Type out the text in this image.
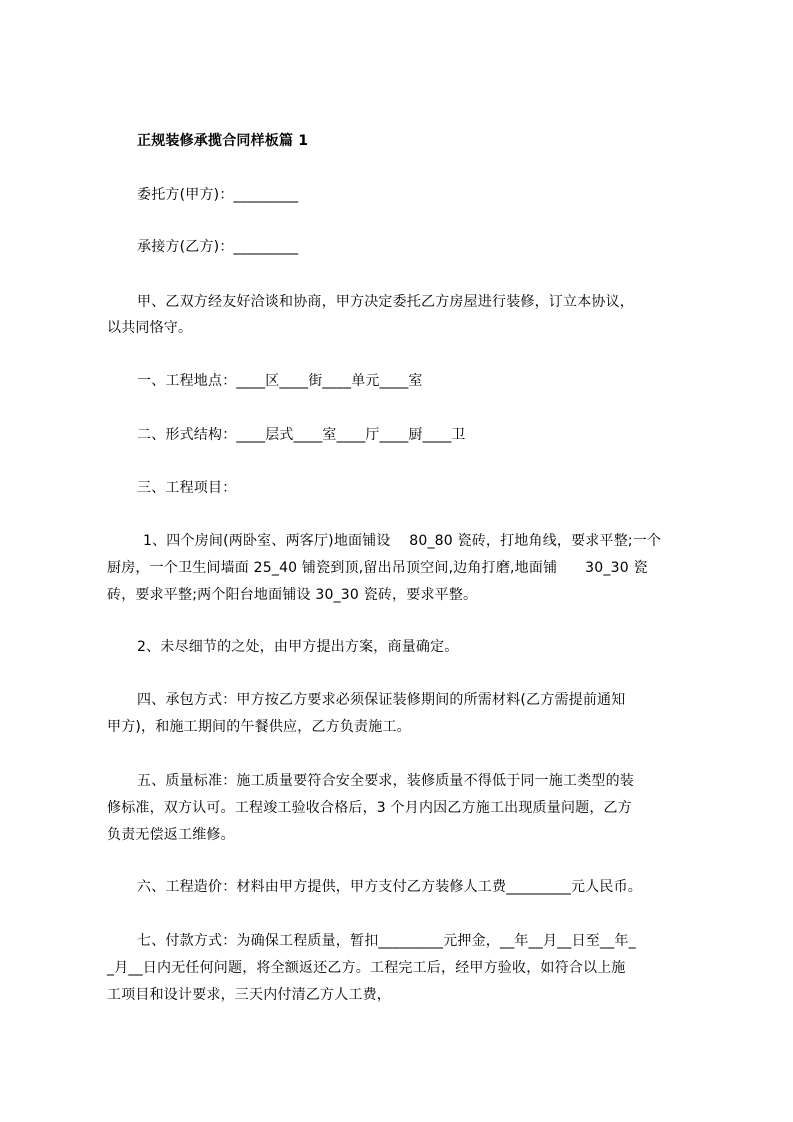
正规装修承揽合同样板篇 1
委托方(甲方)：_________
承接方(乙方)：_________
甲、乙双方经友好洽谈和协商，甲方决定委托乙方房屋进行装修，订立本协议，
以共同恪守。
一、工程地点：____区____街____单元____室
二、形式结构：____层式____室____厅____厨____卫
三、工程项目：
1、四个房间(两卧室、两客厅)地面铺设    80_80 瓷砖，打地角线，要求平整;一个
厨房，一个卫生间墙面 25_40 铺瓷到顶,留出吊顶空间,边角打磨,地面铺      30_30 瓷
砖，要求平整;两个阳台地面铺设 30_30 瓷砖，要求平整。
2、未尽细节的之处，由甲方提出方案，商量确定。
四、承包方式：甲方按乙方要求必须保证装修期间的所需材料(乙方需提前通知
甲方)，和施工期间的午餐供应，乙方负责施工。
五、质量标准：施工质量要符合安全要求，装修质量不得低于同一施工类型的装
修标准，双方认可。工程竣工验收合格后，3 个月内因乙方施工出现质量问题，乙方
负责无偿返工维修。
六、工程造价：材料由甲方提供，甲方支付乙方装修人工费_________元人民币。
七、付款方式：为确保工程质量，暂扣_________元押金，__年__月__日至__年_
_月__日内无任何问题，将全额返还乙方。工程完工后，经甲方验收，如符合以上施
工项目和设计要求，三天内付清乙方人工费，
